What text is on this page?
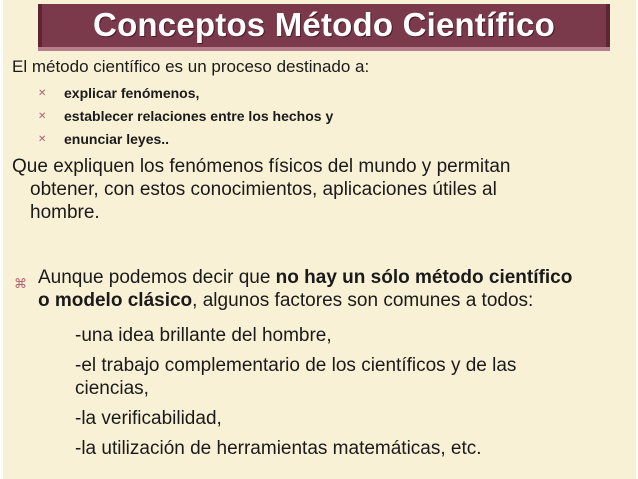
Conceptos Método Científico
El método científico es un proceso destinado a:
✕ explicar fenómenos,
✕ establecer relaciones entre los hechos y
✕ enunciar leyes..
Que expliquen los fenómenos físicos del mundo y permitan
obtener, con estos conocimientos, aplicaciones útiles al
hombre.
⌘ Aunque podemos decir que no hay un sólo método científico
o modelo clásico, algunos factores son comunes a todos:
-una idea brillante del hombre,
-el trabajo complementario de los científicos y de las
ciencias,
-la verificabilidad,
-la utilización de herramientas matemáticas, etc.
